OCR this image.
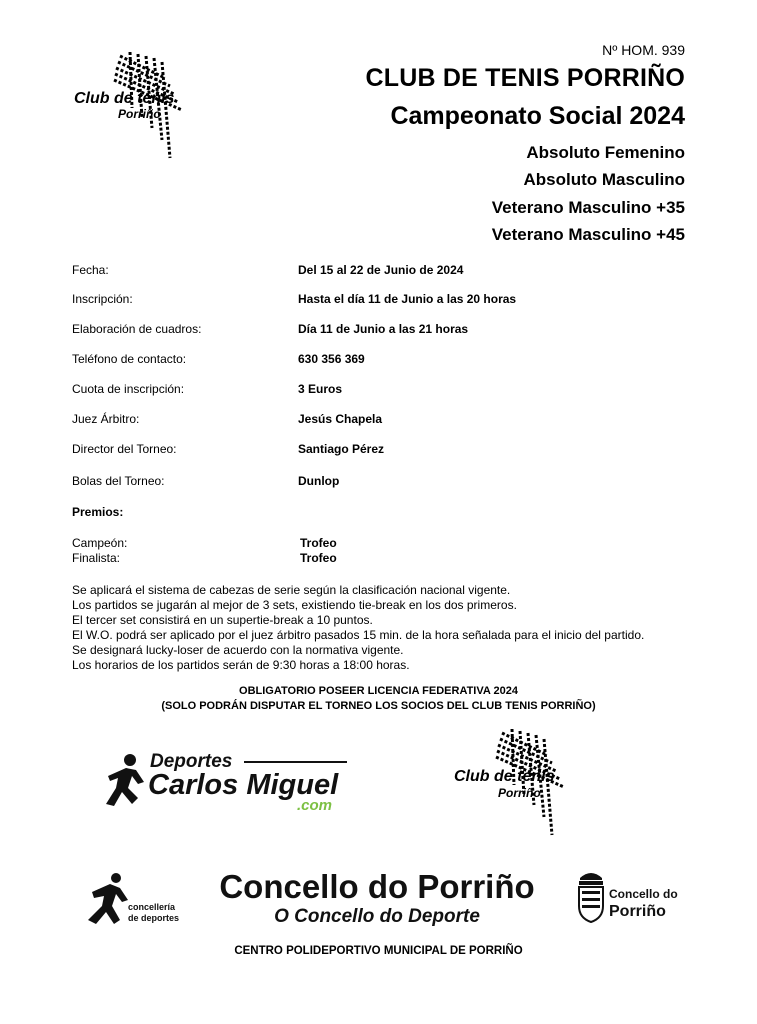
Nº HOM. 939
CLUB DE TENIS PORRIÑO
Campeonato Social 2024
Absoluto Femenino
Absoluto Masculino
Veterano Masculino +35
Veterano Masculino +45
Club de tenis
Porriño
Fecha:	Del 15 al 22 de Junio de 2024
Inscripción:	Hasta el día 11 de Junio a las 20 horas
Elaboración de cuadros:	Día 11 de Junio a las 21 horas
Teléfono de contacto:	630 356 369
Cuota de inscripción:	3 Euros
Juez Árbitro:	Jesús Chapela
Director del Torneo:	Santiago Pérez
Bolas del Torneo:	Dunlop
Premios:
Campeón:	Trofeo
Finalista:	Trofeo
Se aplicará el sistema de cabezas de serie según la clasificación nacional vigente.
Los partidos se jugarán al mejor de 3 sets, existiendo tie-break en los dos primeros.
El tercer set consistirá en un supertie-break a 10 puntos.
El W.O. podrá ser aplicado por el juez árbitro pasados 15 min. de la hora señalada para el inicio del partido.
Se designará lucky-loser de acuerdo con la normativa vigente.
Los horarios de los partidos serán de 9:30 horas a 18:00 horas.
OBLIGATORIO POSEER LICENCIA FEDERATIVA 2024
(SOLO PODRÁN DISPUTAR EL TORNEO LOS SOCIOS DEL CLUB TENIS PORRIÑO)
Deportes
Carlos Miguel
.com
Club de tenis
Porriño
concellería
de deportes
Concello do Porriño
O Concello do Deporte
Concello do
Porriño
CENTRO POLIDEPORTIVO MUNICIPAL DE PORRIÑO
